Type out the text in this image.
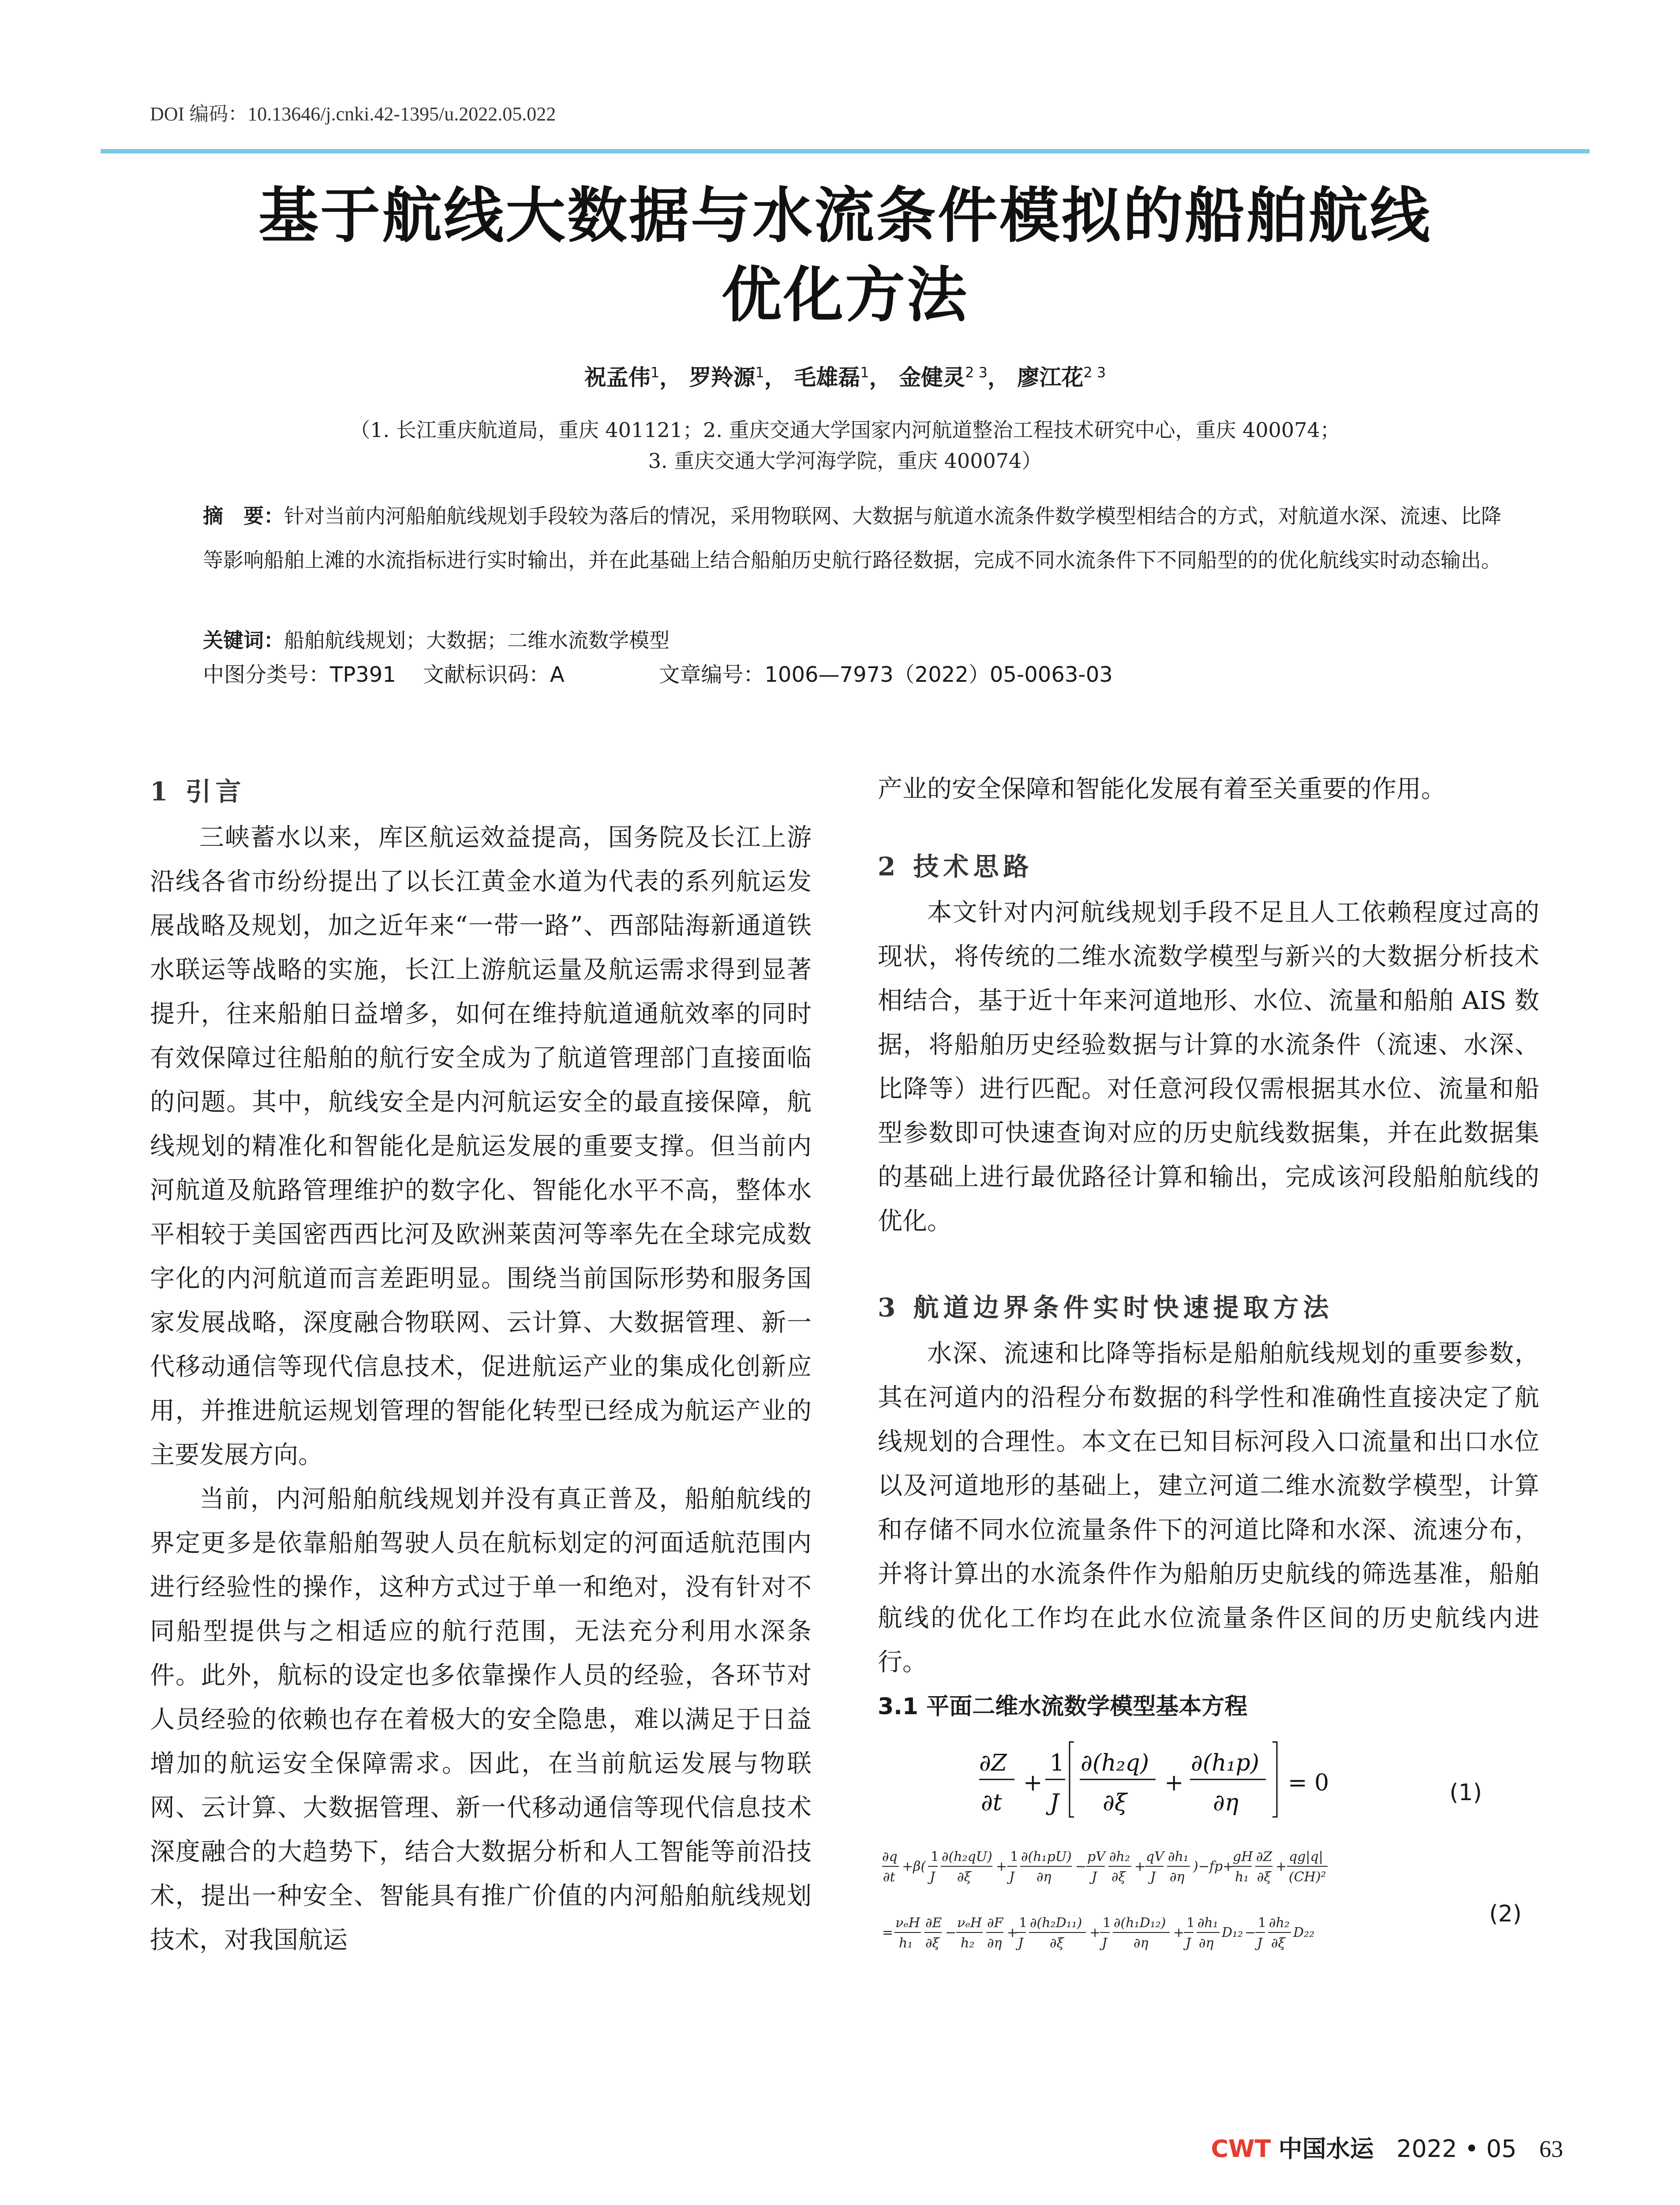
DOI 编码：10.13646/j.cnki.42-1395/u.2022.05.022
基于航线大数据与水流条件模拟的船舶航线
优化方法
祝孟伟$^1$， 罗羚源$^1$， 毛雄磊$^1$， 金健灵$^{2 3}$， 廖江花$^{2 3}$
（1. 长江重庆航道局，重庆 401121；2. 重庆交通大学国家内河航道整治工程技术研究中心，重庆 400074；
3. 重庆交通大学河海学院，重庆 400074）
摘　要：针对当前内河船舶航线规划手段较为落后的情况，采用物联网、大数据与航道水流条件数学模型相结合的方式，对航道水深、流速、比降等影响船舶上滩的水流指标进行实时输出，并在此基础上结合船舶历史航行路径数据，完成不同水流条件下不同船型的的优化航线实时动态输出。
关键词：船舶航线规划；大数据；二维水流数学模型
中图分类号：TP391 文献标识码：A	文章编号：1006—7973（2022）05-0063-03
1 引言

三峡蓄水以来，库区航运效益提高，国务院及长江上游沿线各省市纷纷提出了以长江黄金水道为代表的系列航运发展战略及规划，加之近年来“一带一路”、西部陆海新通道铁水联运等战略的实施，长江上游航运量及航运需求得到显著提升，往来船舶日益增多，如何在维持航道通航效率的同时有效保障过往船舶的航行安全成为了航道管理部门直接面临的问题。其中，航线安全是内河航运安全的最直接保障，航线规划的精准化和智能化是航运发展的重要支撑。但当前内河航道及航路管理维护的数字化、智能化水平不高，整体水平相较于美国密西西比河及欧洲莱茵河等率先在全球完成数字化的内河航道而言差距明显。围绕当前国际形势和服务国家发展战略，深度融合物联网、云计算、大数据管理、新一代移动通信等现代信息技术，促进航运产业的集成化创新应用，并推进航运规划管理的智能化转型已经成为航运产业的主要发展方向。

当前，内河船舶航线规划并没有真正普及，船舶航线的界定更多是依靠船舶驾驶人员在航标划定的河面适航范围内进行经验性的操作，这种方式过于单一和绝对，没有针对不同船型提供与之相适应的航行范围，无法充分利用水深条件。此外，航标的设定也多依靠操作人员的经验，各环节对人员经验的依赖也存在着极大的安全隐患，难以满足于日益增加的航运安全保障需求。因此，在当前航运发展与物联网、云计算、大数据管理、新一代移动通信等现代信息技术深度融合的大趋势下，结合大数据分析和人工智能等前沿技术，提出一种安全、智能具有推广价值的内河船舶航线规划技术，对我国航运

产业的安全保障和智能化发展有着至关重要的作用。

2 技术思路

本文针对内河航线规划手段不足且人工依赖程度过高的现状，将传统的二维水流数学模型与新兴的大数据分析技术相结合，基于近十年来河道地形、水位、流量和船舶 AIS 数据，将船舶历史经验数据与计算的水流条件（流速、水深、比降等）进行匹配。对任意河段仅需根据其水位、流量和船型参数即可快速查询对应的历史航线数据集，并在此数据集的基础上进行最优路径计算和输出，完成该河段船舶航线的优化。

3 航道边界条件实时快速提取方法

水深、流速和比降等指标是船舶航线规划的重要参数，其在河道内的沿程分布数据的科学性和准确性直接决定了航线规划的合理性。本文在已知目标河段入口流量和出口水位以及河道地形的基础上，建立河道二维水流数学模型，计算和存储不同水位流量条件下的河道比降和水深、流速分布，并将计算出的水流条件作为船舶历史航线的筛选基准，船舶航线的优化工作均在此水位流量条件区间的历史航线内进行。

3.1 平面二维水流数学模型基本方程
∂Z
∂t
+
1
J
∂(h₂q)
∂ξ
+
∂(h₁p)
∂η
= 0	(1)
∂q
∂t
+β(
1
J
∂(h₂qU)
∂ξ
+
1
J
∂(h₁pU)
∂η
−
pV
J
∂h₂
∂ξ
+
qV
J
∂h₁
∂η
)−fp+
gH
h₁
∂Z
∂ξ
+
qg|q|
(CH)²
=
νₑH
h₁
∂E
∂ξ
−
νₑH
h₂
∂F
∂η
+
1
J
∂(h₂D₁₁)
∂ξ
+
1
J
∂(h₁D₁₂)
∂η
+
1
J
∂h₁
∂η
D₁₂ −
1
J
∂h₂
∂ξ
D₂₂
(2)
CWT 中国水运 2022 • 05 63
